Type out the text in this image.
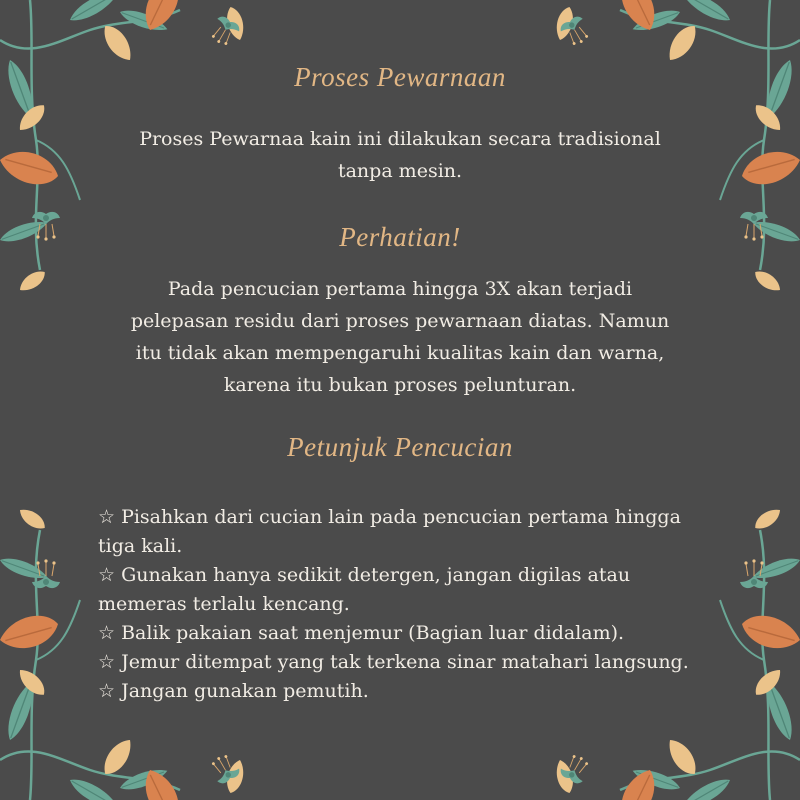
Proses Pewarnaan
Proses Pewarnaa kain ini dilakukan secara tradisional
tanpa mesin.
Perhatian!
Pada pencucian pertama hingga 3X akan terjadi
pelepasan residu dari proses pewarnaan diatas. Namun
itu tidak akan mempengaruhi kualitas kain dan warna,
karena itu bukan proses pelunturan.
Petunjuk Pencucian
☆ Pisahkan dari cucian lain pada pencucian pertama hingga
tiga kali.
☆ Gunakan hanya sedikit detergen, jangan digilas atau
memeras terlalu kencang.
☆ Balik pakaian saat menjemur (Bagian luar didalam).
☆ Jemur ditempat yang tak terkena sinar matahari langsung.
☆ Jangan gunakan pemutih.
